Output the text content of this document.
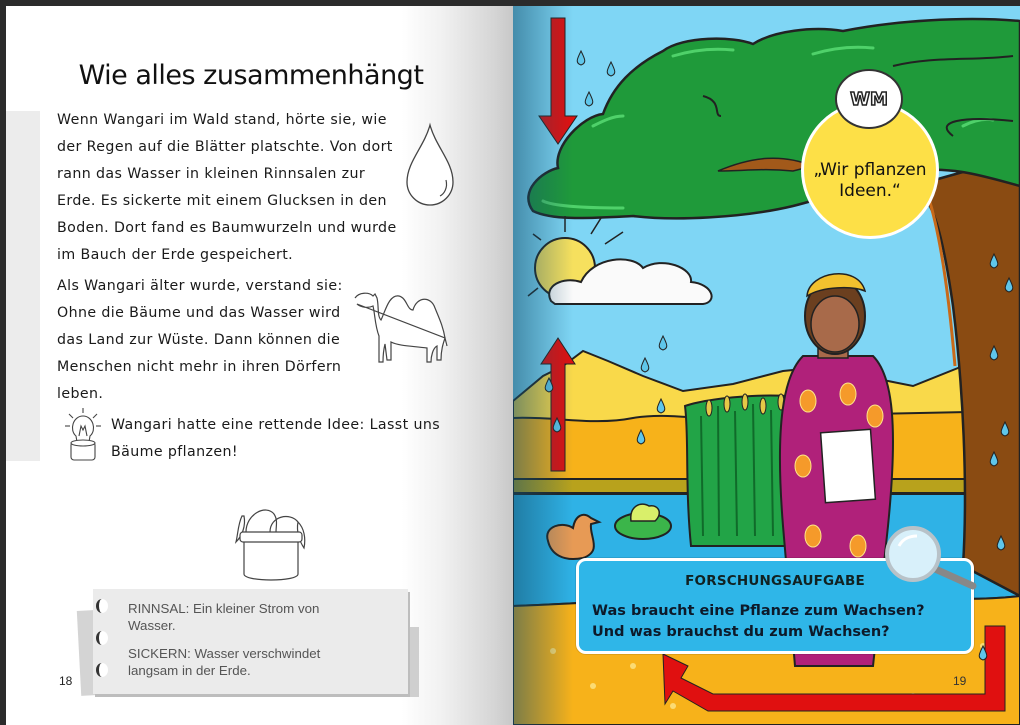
Wie alles zusammenhängt
Wenn Wangari im Wald stand, hörte sie, wie der Regen auf die Blätter platschte. Von dort rann das Wasser in kleinen Rinnsalen zur Erde. Es sickerte mit einem Glucksen in den Boden. Dort fand es Baumwurzeln und wurde im Bauch der Erde gespeichert.
Als Wangari älter wurde, verstand sie: Ohne die Bäume und das Wasser wird das Land zur Wüste. Dann können die Menschen nicht mehr in ihren Dörfern leben.
Wangari hatte eine rettende Idee: Lasst uns Bäume pflanzen!
RINNSAL: Ein kleiner Strom von Wasser.
SICKERN: Wasser verschwindet langsam in der Erde.
18
„Wir pflanzen Ideen.“
WM
FORSCHUNGSAUFGABE
Was braucht eine Pflanze zum Wachsen?
Und was brauchst du zum Wachsen?
19
